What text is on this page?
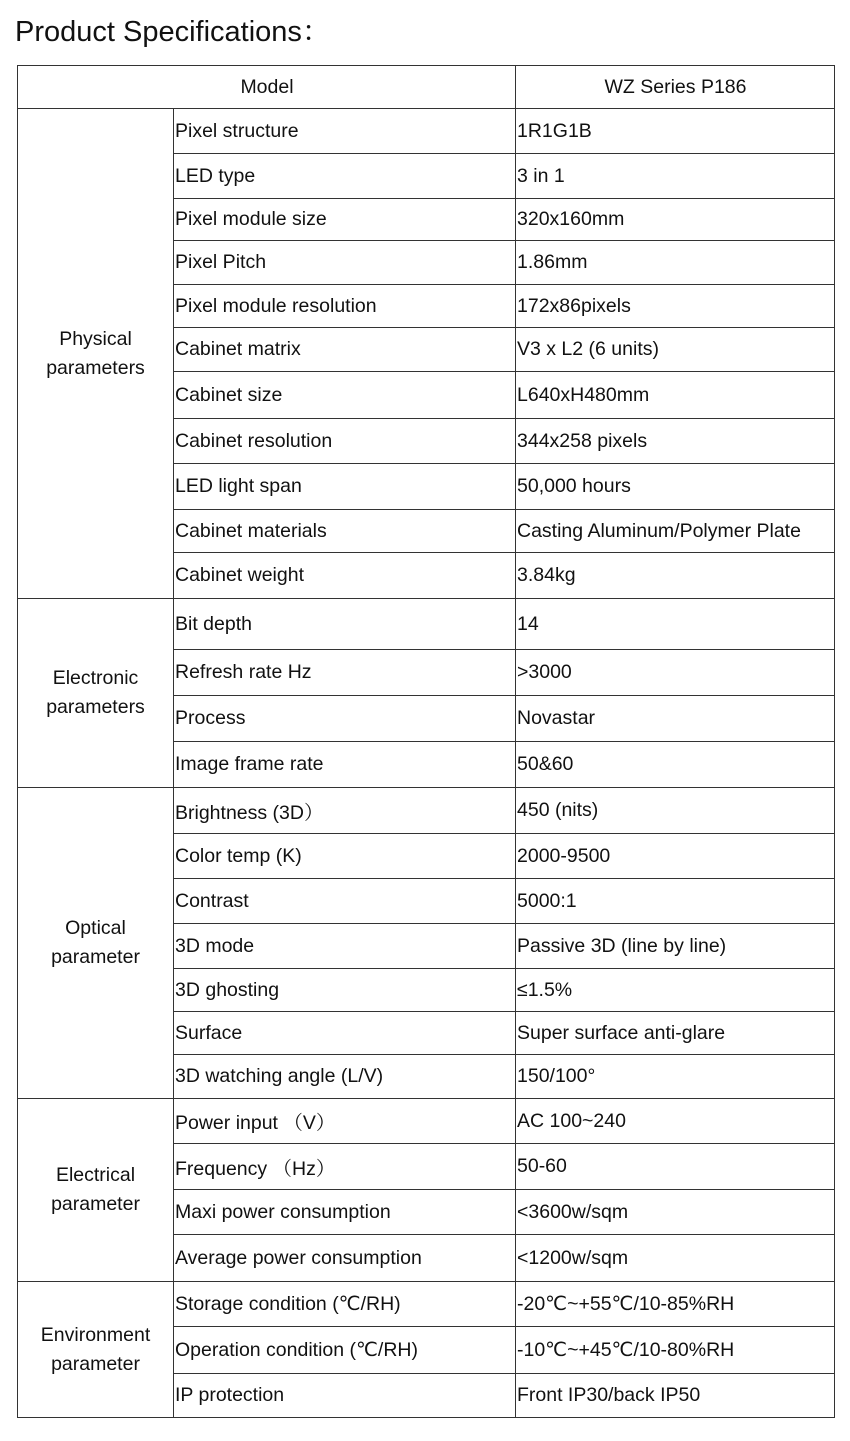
Product Specifications：
Model		WZ Series P186
Physical parameters	Pixel structure	1R1G1B
	LED type	3 in 1
	Pixel module size	320x160mm
	Pixel Pitch	1.86mm
	Pixel module resolution	172x86pixels
	Cabinet matrix	V3 x L2 (6 units)
	Cabinet size	L640xH480mm
	Cabinet resolution	344x258 pixels
	LED light span	50,000 hours
	Cabinet materials	Casting Aluminum/Polymer Plate
	Cabinet weight	3.84kg
Electronic parameters	Bit depth	14
	Refresh rate Hz	>3000
	Process	Novastar
	Image frame rate	50&60
Optical parameter	Brightness (3D）	450 (nits)
	Color temp (K)	2000-9500
	Contrast	5000:1
	3D mode	Passive 3D (line by line)
	3D ghosting	≤1.5%
	Surface	Super surface anti-glare
	3D watching angle (L/V)	150/100°
Electrical parameter	Power input （V）	AC 100~240
	Frequency （Hz）	50-60
	Maxi power consumption	<3600w/sqm
	Average power consumption	<1200w/sqm
Environment parameter	Storage condition (℃/RH)	-20℃~+55℃/10-85%RH
	Operation condition (℃/RH)	-10℃~+45℃/10-80%RH
	IP protection	Front IP30/back IP50
